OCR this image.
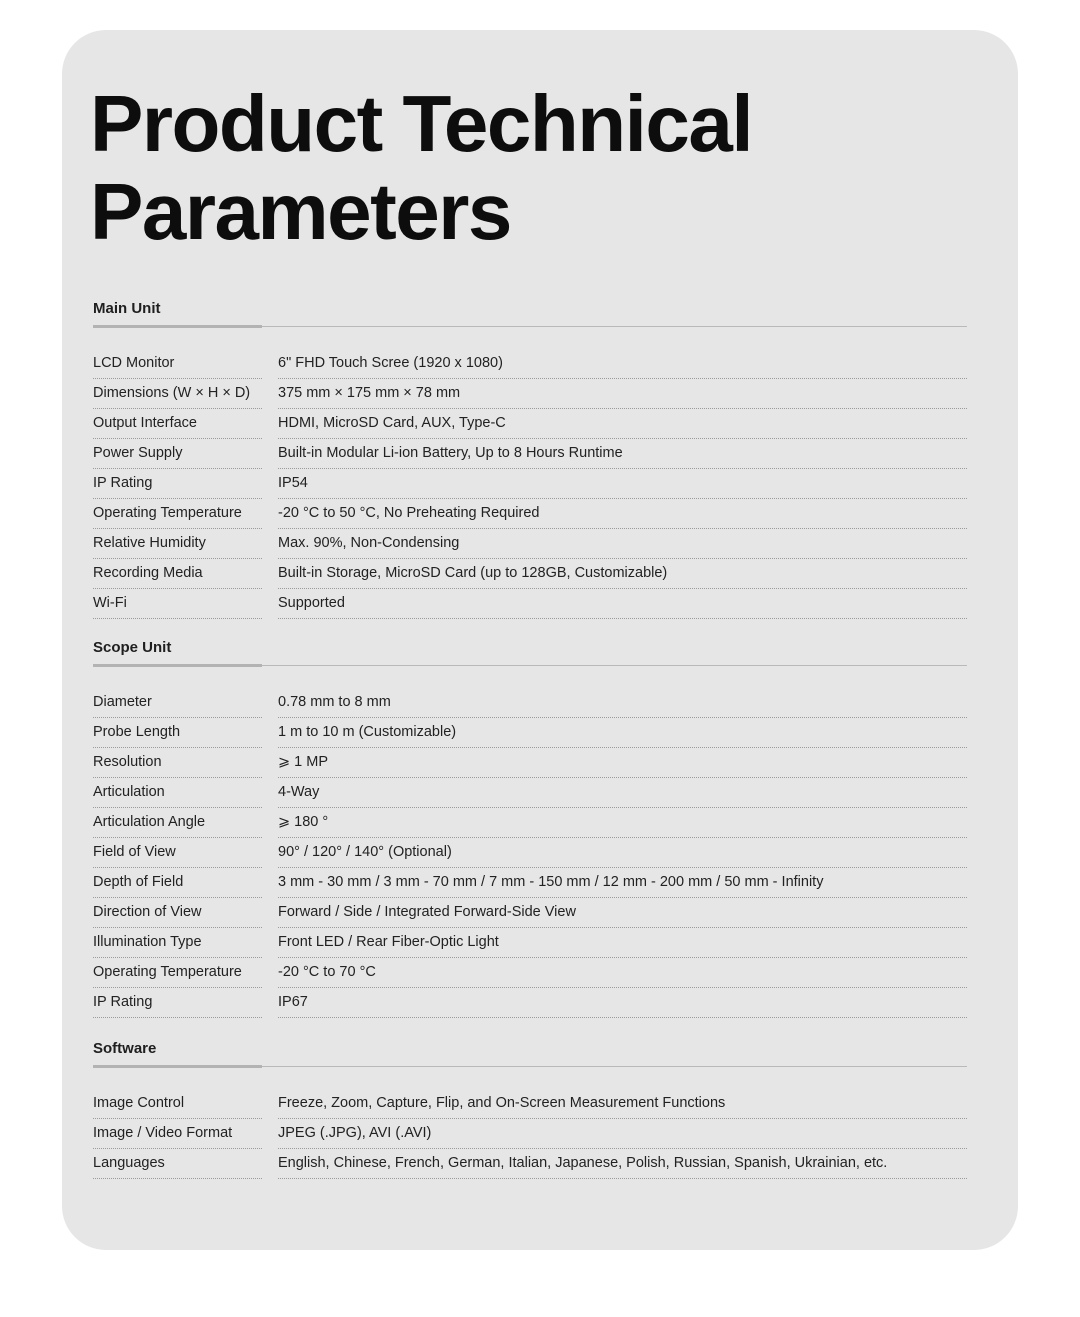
Product Technical
Parameters
Main Unit
LCD Monitor	6" FHD Touch Scree (1920 x 1080)
Dimensions (W × H × D)	375 mm × 175 mm × 78 mm
Output Interface	HDMI, MicroSD Card, AUX, Type-C
Power Supply	Built-in Modular Li-ion Battery, Up to 8 Hours Runtime
IP Rating	IP54
Operating Temperature	-20 °C to 50 °C, No Preheating Required
Relative Humidity	Max. 90%, Non-Condensing
Recording Media	Built-in Storage, MicroSD Card (up to 128GB, Customizable)
Wi-Fi	Supported
Scope Unit
Diameter	0.78 mm to 8 mm
Probe Length	1 m to 10 m (Customizable)
Resolution	⩾ 1 MP
Articulation	4-Way
Articulation Angle	⩾ 180 °
Field of View	90° / 120° / 140° (Optional)
Depth of Field	3 mm - 30 mm / 3 mm - 70 mm / 7 mm - 150 mm / 12 mm - 200 mm / 50 mm - Infinity
Direction of View	Forward / Side / Integrated Forward-Side View
Illumination Type	Front LED / Rear Fiber-Optic Light
Operating Temperature	-20 °C to 70 °C
IP Rating	IP67
Software
Image Control	Freeze, Zoom, Capture, Flip, and On-Screen Measurement Functions
Image / Video Format	JPEG (.JPG), AVI (.AVI)
Languages	English, Chinese, French, German, Italian, Japanese, Polish, Russian, Spanish, Ukrainian, etc.
